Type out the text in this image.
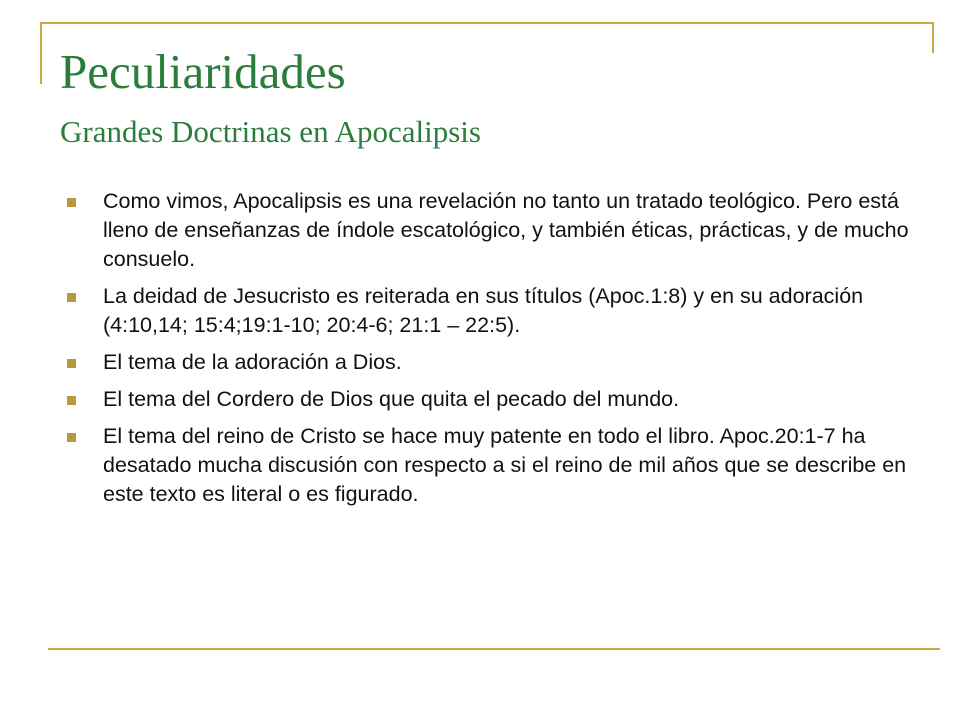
Peculiaridades
Grandes Doctrinas en Apocalipsis
Como vimos, Apocalipsis es una revelación no tanto un tratado teológico. Pero está lleno de enseñanzas de índole escatológico, y también éticas, prácticas, y de mucho consuelo.
La deidad de Jesucristo es reiterada en sus títulos (Apoc.1:8) y en su adoración (4:10,14; 15:4;19:1-10; 20:4-6; 21:1 – 22:5).
El tema de la adoración a Dios.
El tema del Cordero de Dios que quita el pecado del mundo.
El tema del reino de Cristo se hace muy patente en todo el libro. Apoc.20:1-7 ha desatado mucha discusión con respecto a si el reino de mil años que se describe en este texto es literal o es figurado.
